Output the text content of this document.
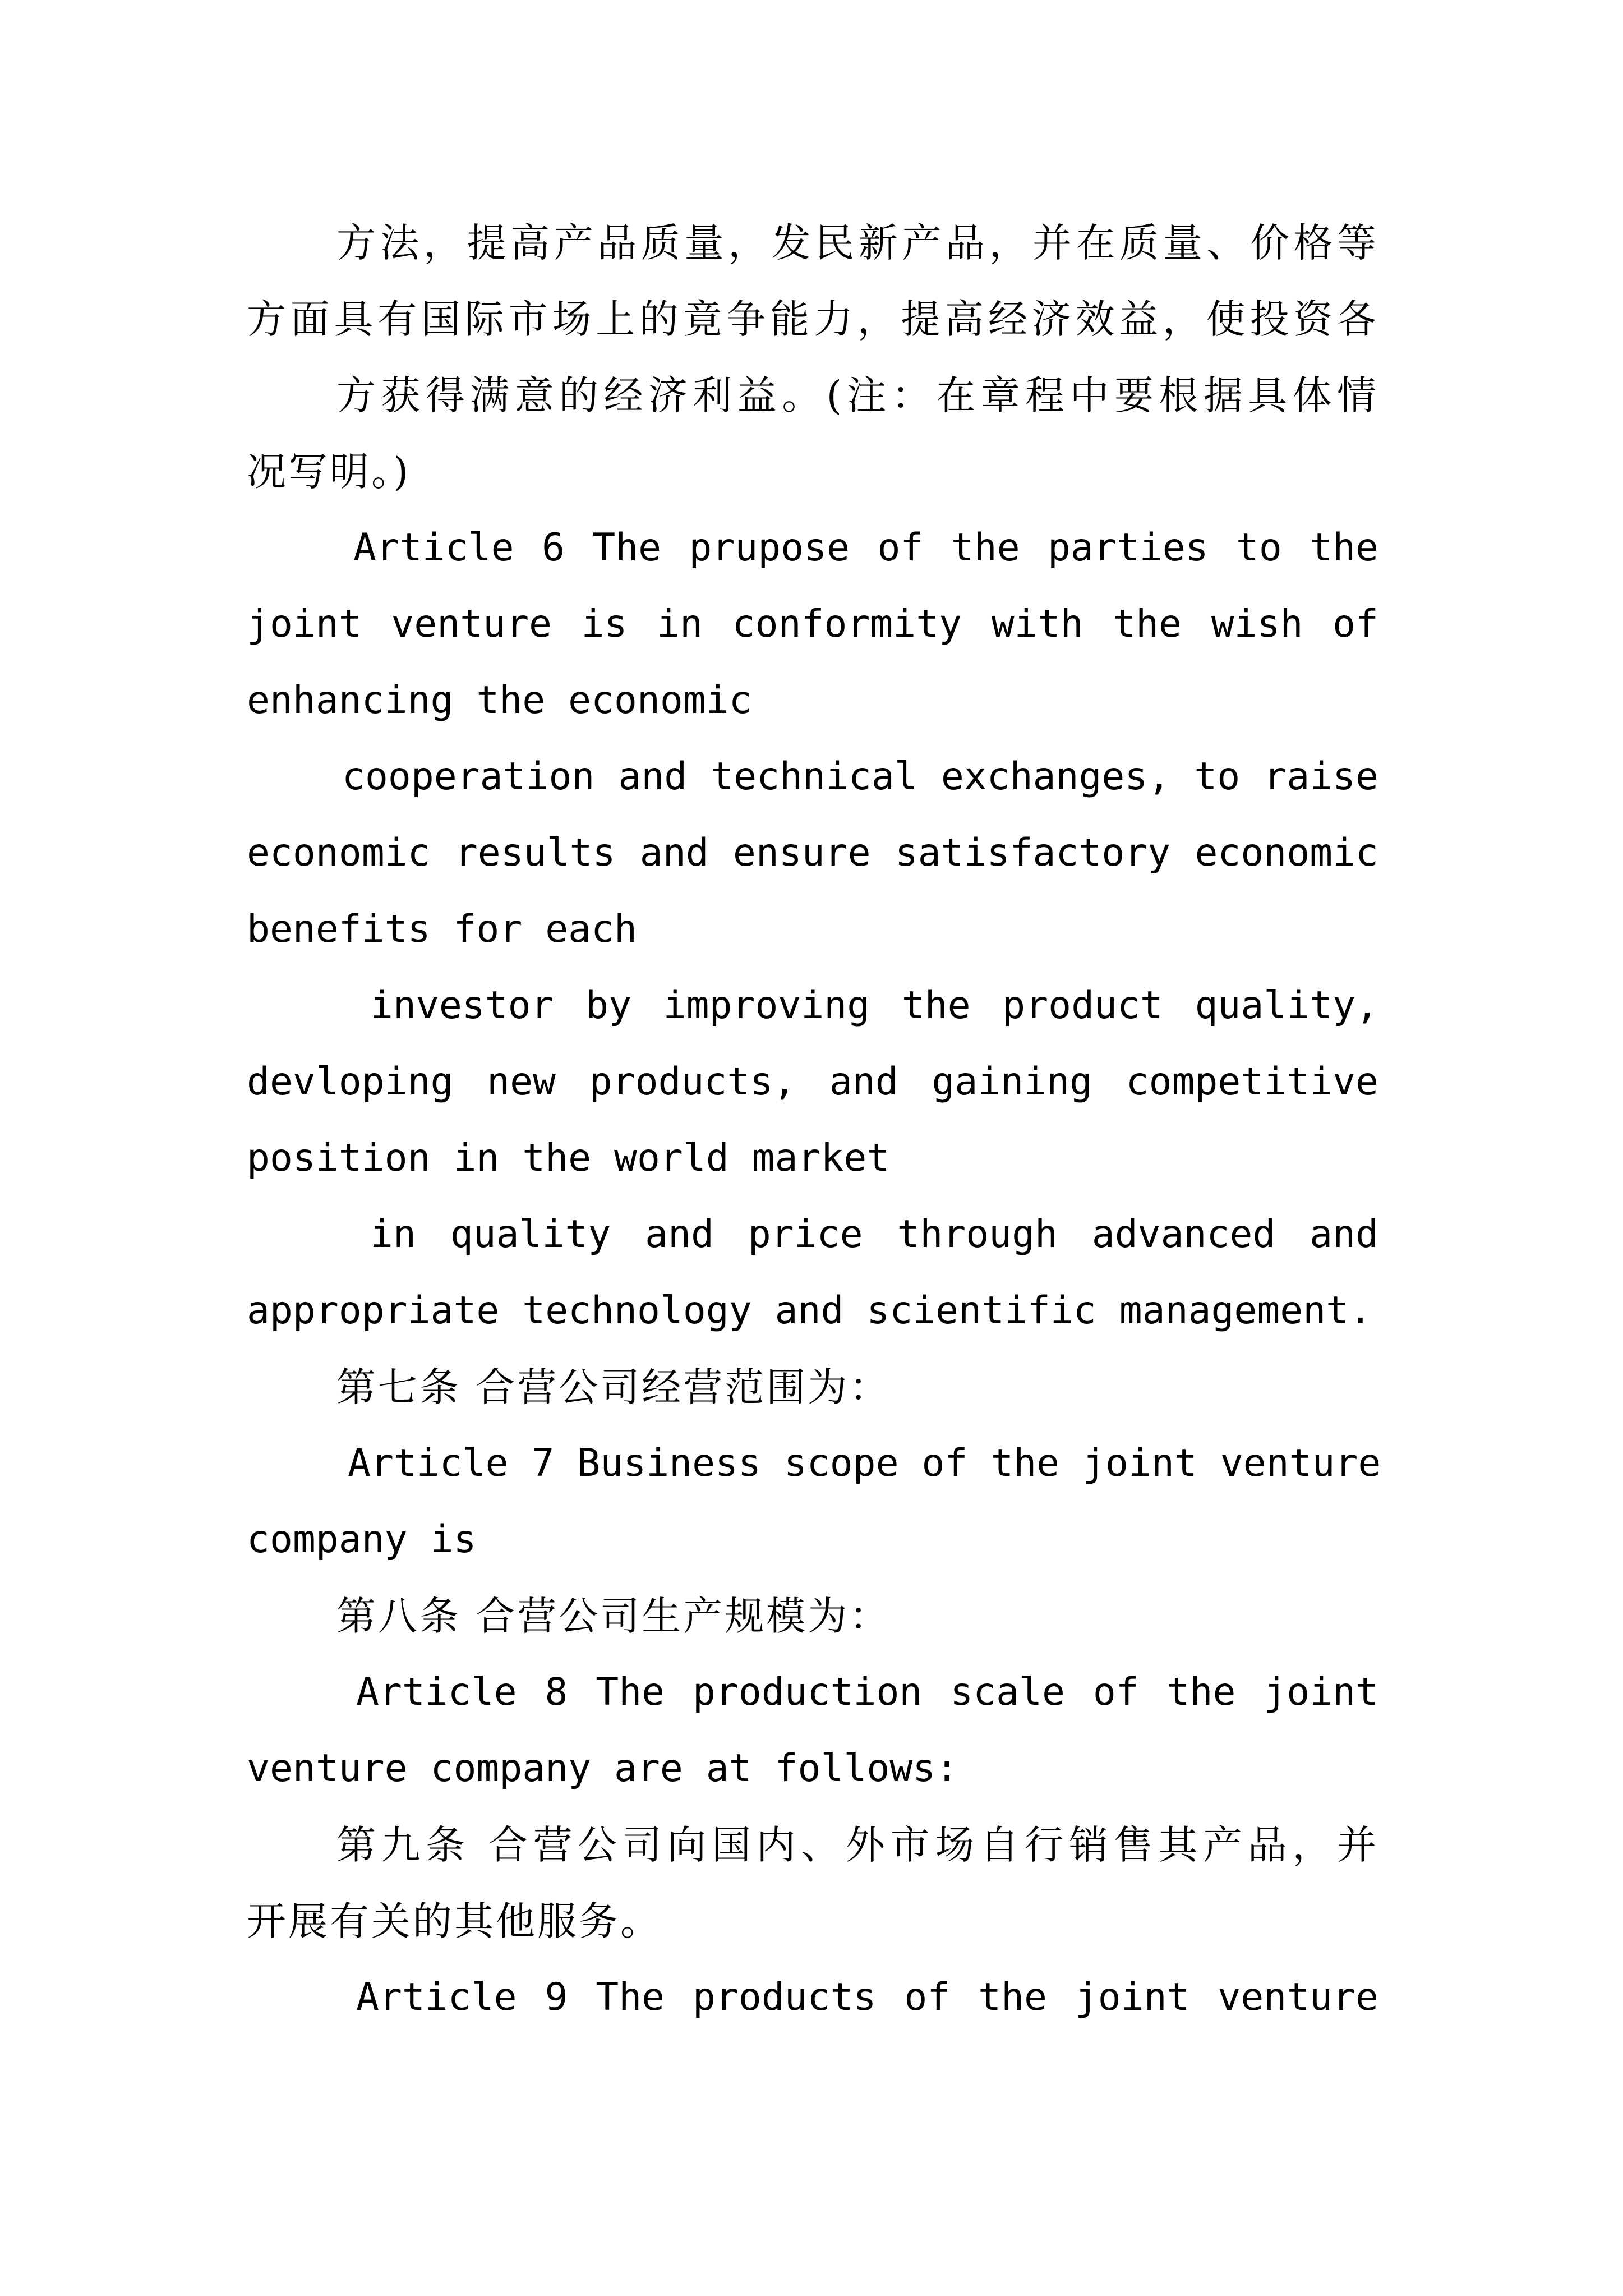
方法，提高产品质量，发民新产品，并在质量、价格等
方面具有国际市场上的竟争能力，提高经济效益，使投资各
方获得满意的经济利益。(注：在章程中要根据具体情
况写明。)
Article 6 The prupose of the parties to the
joint venture is in conformity with the wish of
enhancing the economic
cooperation and technical exchanges, to raise
economic results and ensure satisfactory economic
benefits for each
investor by improving the product quality,
devloping new products, and gaining competitive
position in the world market
in quality and price through advanced and
appropriate technology and scientific management.
第七条 合营公司经营范围为：
Article 7 Business scope of the joint venture
company is
第八条 合营公司生产规模为：
Article 8 The production scale of the joint
venture company are at follows:
第九条 合营公司向国内、外市场自行销售其产品，并
开展有关的其他服务。
Article 9 The products of the joint venture
